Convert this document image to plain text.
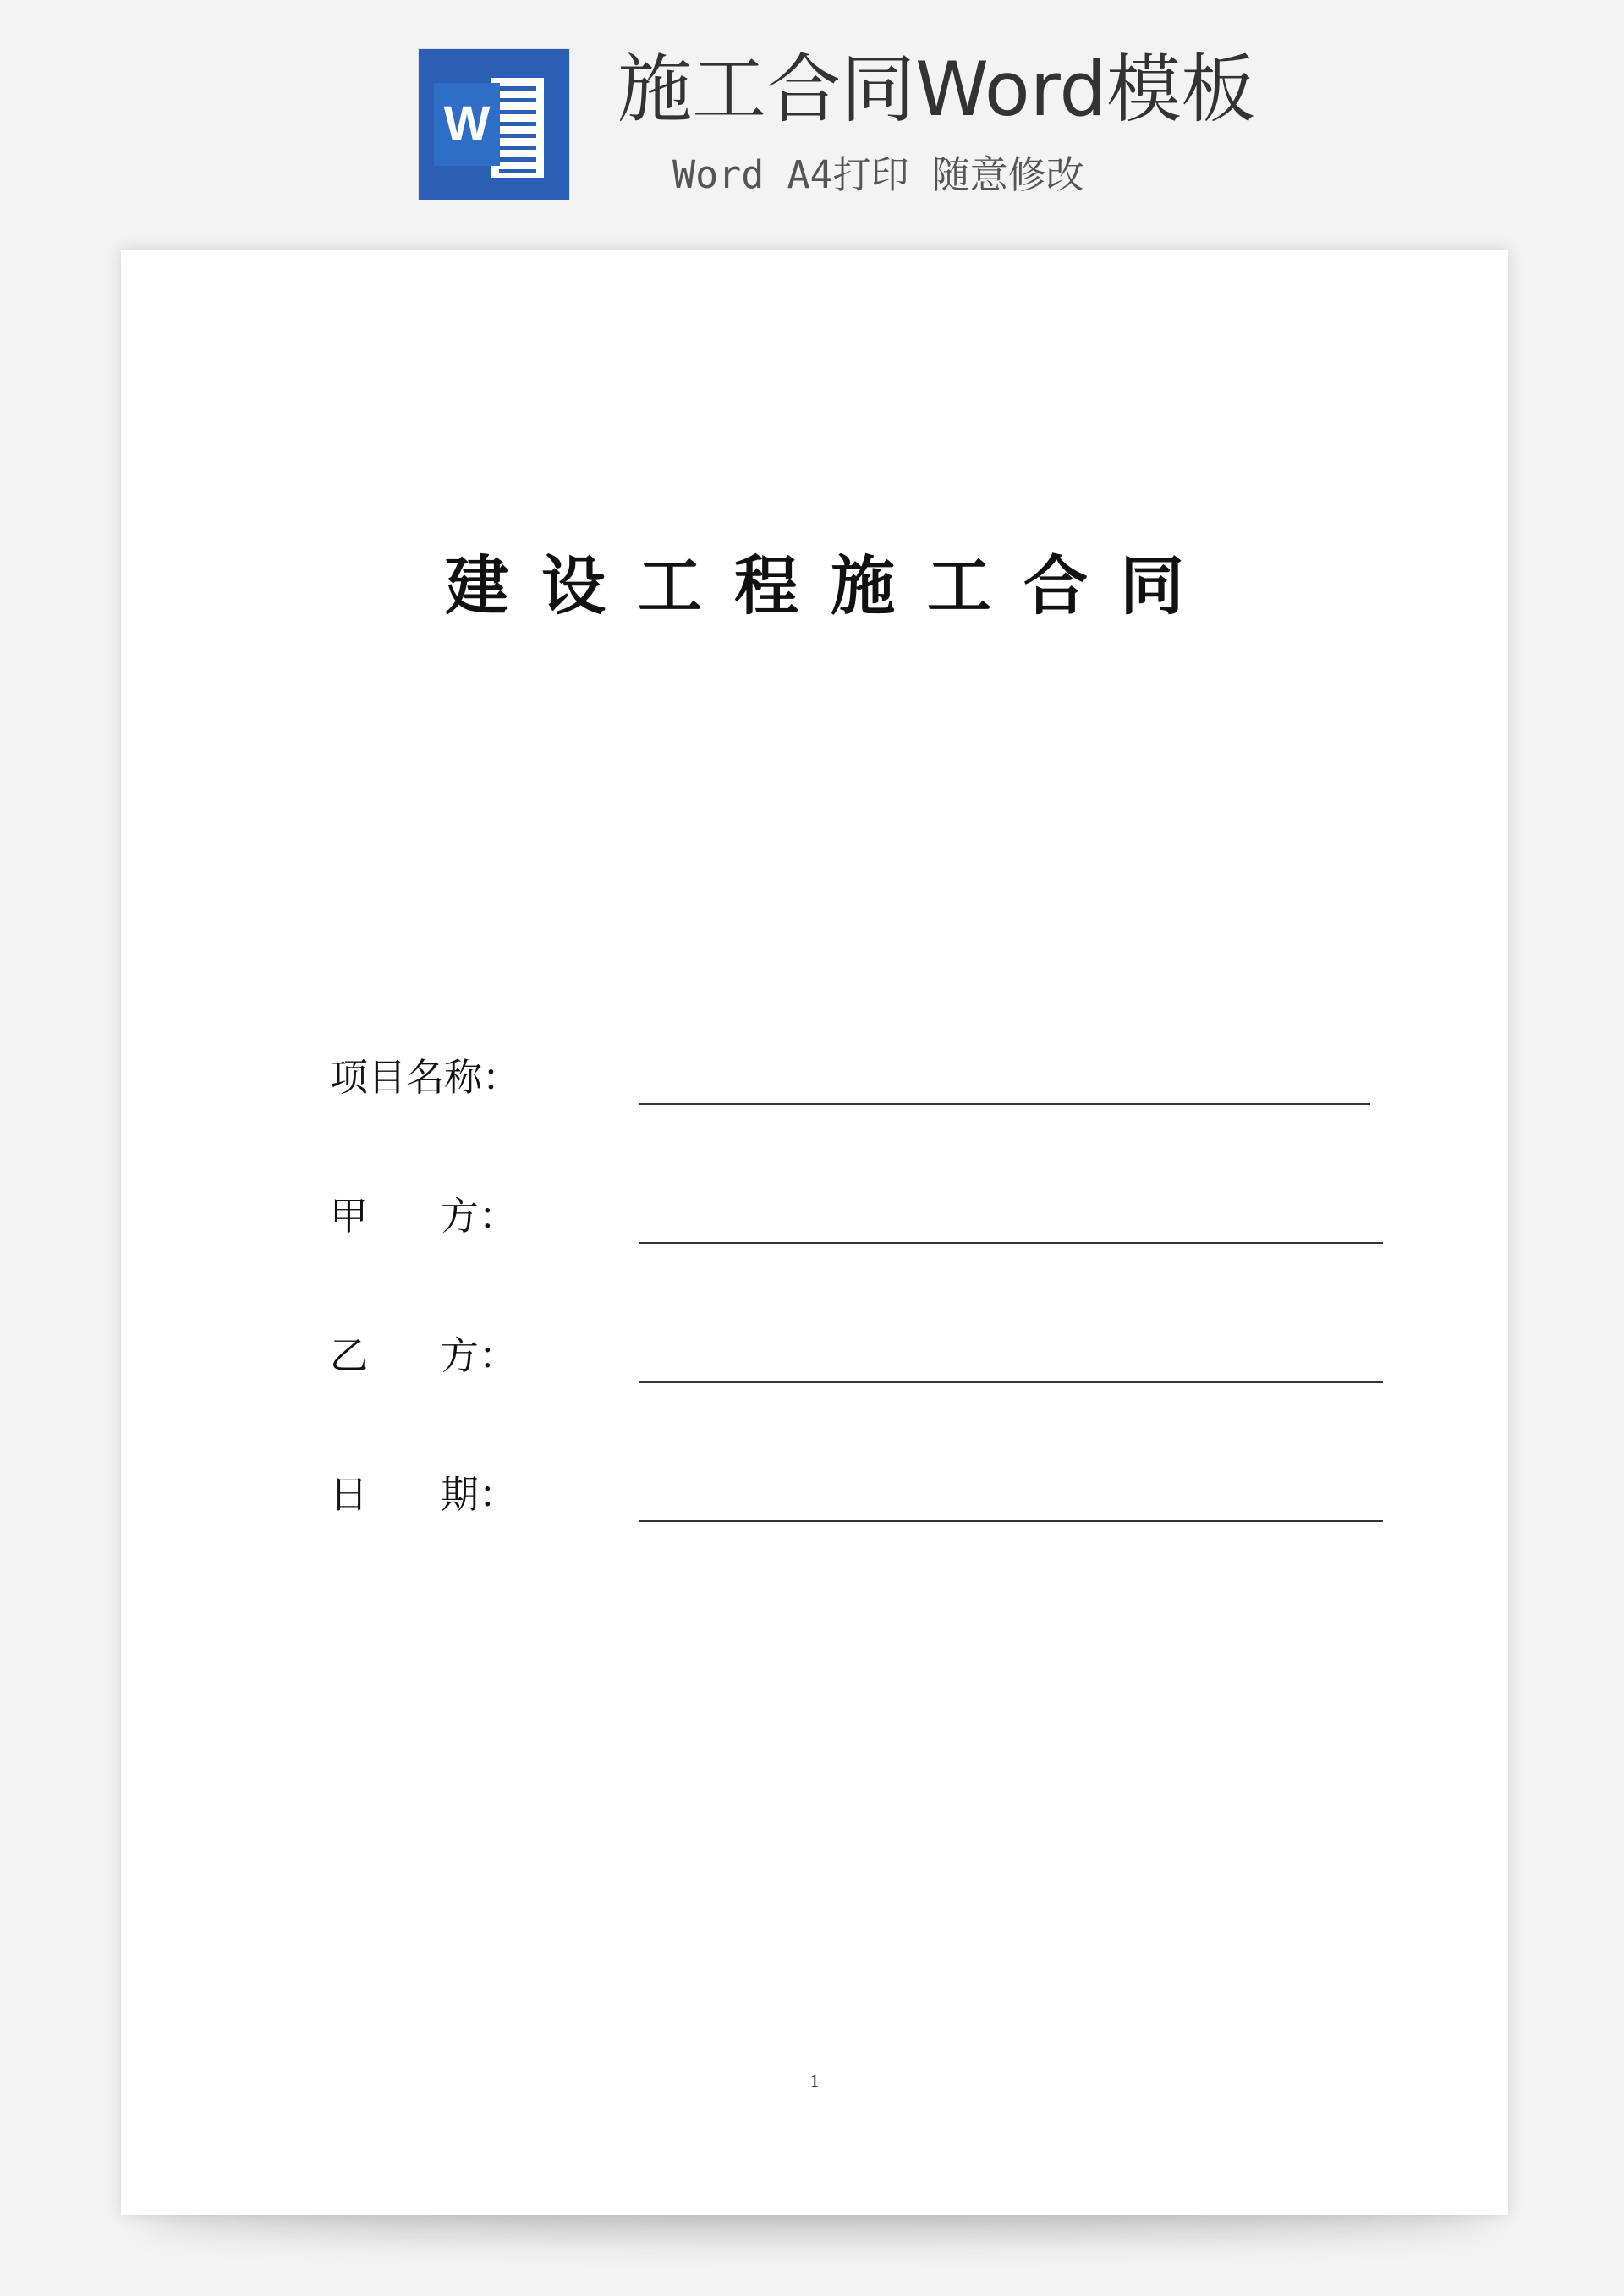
W 施工合同Word模板
Word A4打印 随意修改
建设工程施工合同
项目名称：
甲      方：
乙      方：
日      期：
1
